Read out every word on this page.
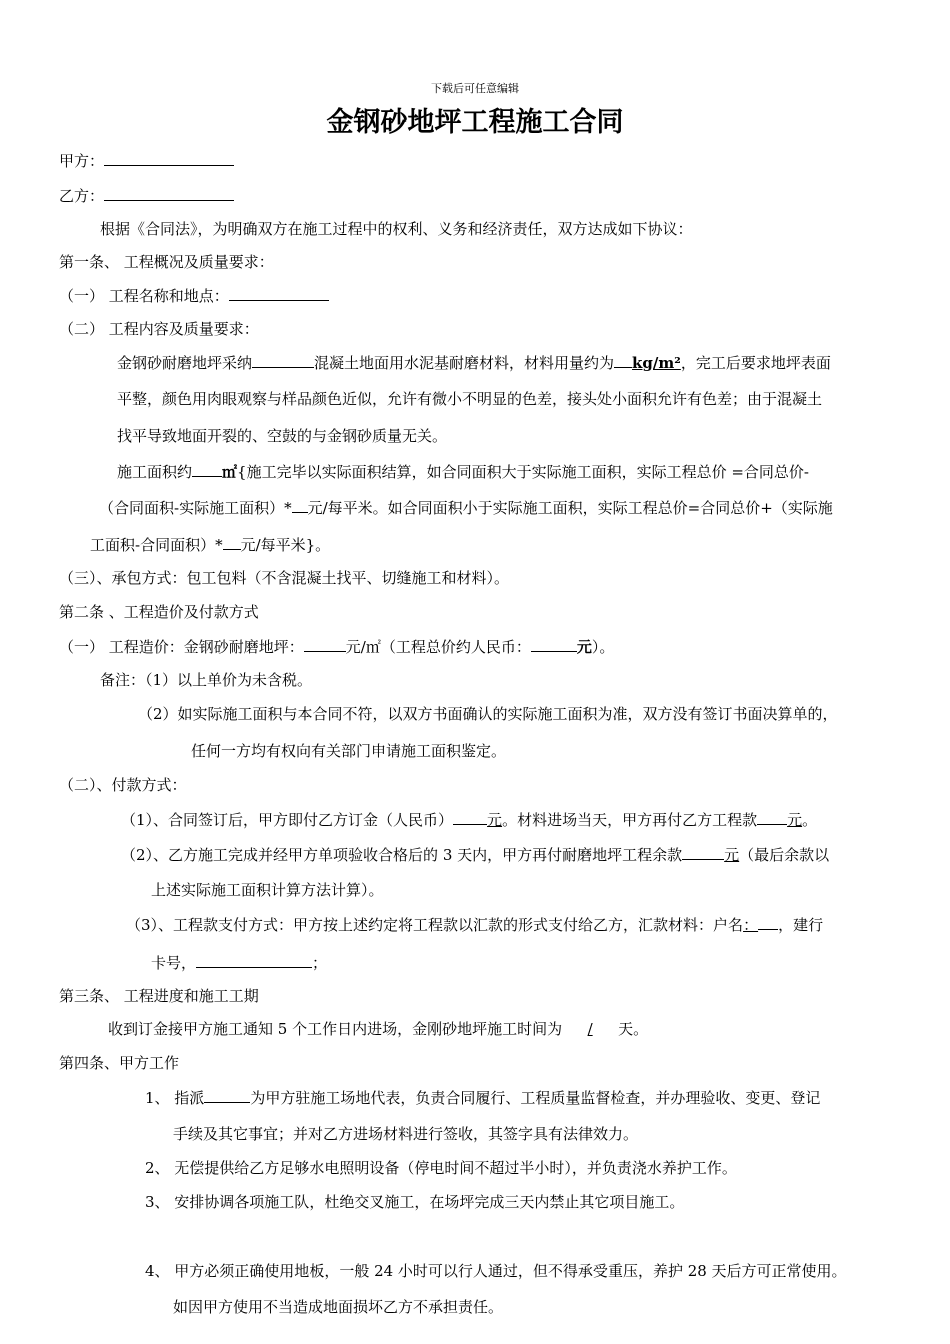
下载后可任意编辑
金钢砂地坪工程施工合同
甲方：
乙方：
根据《合同法》，为明确双方在施工过程中的权利、义务和经济责任，双方达成如下协议：
第一条、 工程概况及质量要求：
（一） 工程名称和地点：
（二） 工程内容及质量要求：
金钢砂耐磨地坪采纳	混凝土地面用水泥基耐磨材料，材料用量约为 kg/m²，完工后要求地坪表面
平整，颜色用肉眼观察与样品颜色近似，允许有微小不明显的色差，接头处小面积允许有色差；由于混凝土
找平导致地面开裂的、空鼓的与金钢砂质量无关。
施工面积约 ㎡{施工完毕以实际面积结算，如合同面积大于实际施工面积，实际工程总价 =合同总价-
（合同面积-实际施工面积）* 元/每平米。如合同面积小于实际施工面积，实际工程总价=合同总价+（实际施
工面积-合同面积）* 元/每平米}。
（三）、承包方式：包工包料（不含混凝土找平、切缝施工和材料）。
第二条 、工程造价及付款方式
（一） 工程造价：金钢砂耐磨地坪：	元/㎡（工程总价约人民币：	元）。
备注：（1）以上单价为未含税。
（2）如实际施工面积与本合同不符，以双方书面确认的实际施工面积为准，双方没有签订书面决算单的，
任何一方均有权向有关部门申请施工面积鉴定。
（二）、付款方式：
（1）、合同签订后，甲方即付乙方订金（人民币） 元。材料进场当天，甲方再付乙方工程款 元。
（2）、乙方施工完成并经甲方单项验收合格后的 3 天内，甲方再付耐磨地坪工程余款	元（最后余款以
上述实际施工面积计算方法计算）。
（3）、工程款支付方式：甲方按上述约定将工程款以汇款的形式支付给乙方，汇款材料：户名： ，建行
卡号，	；
第三条、 工程进度和施工工期
收到订金接甲方施工通知 5 个工作日内进场，金刚砂地坪施工时间为 / 天。
第四条、甲方工作
1、 指派	为甲方驻施工场地代表，负责合同履行、工程质量监督检查，并办理验收、变更、登记
手续及其它事宜；并对乙方进场材料进行签收，其签字具有法律效力。
2、 无偿提供给乙方足够水电照明设备（停电时间不超过半小时），并负责浇水养护工作。
3、 安排协调各项施工队，杜绝交叉施工，在场坪完成三天内禁止其它项目施工。
4、 甲方必须正确使用地板，一般 24 小时可以行人通过，但不得承受重压，养护 28 天后方可正常使用。
如因甲方使用不当造成地面损坏乙方不承担责任。
